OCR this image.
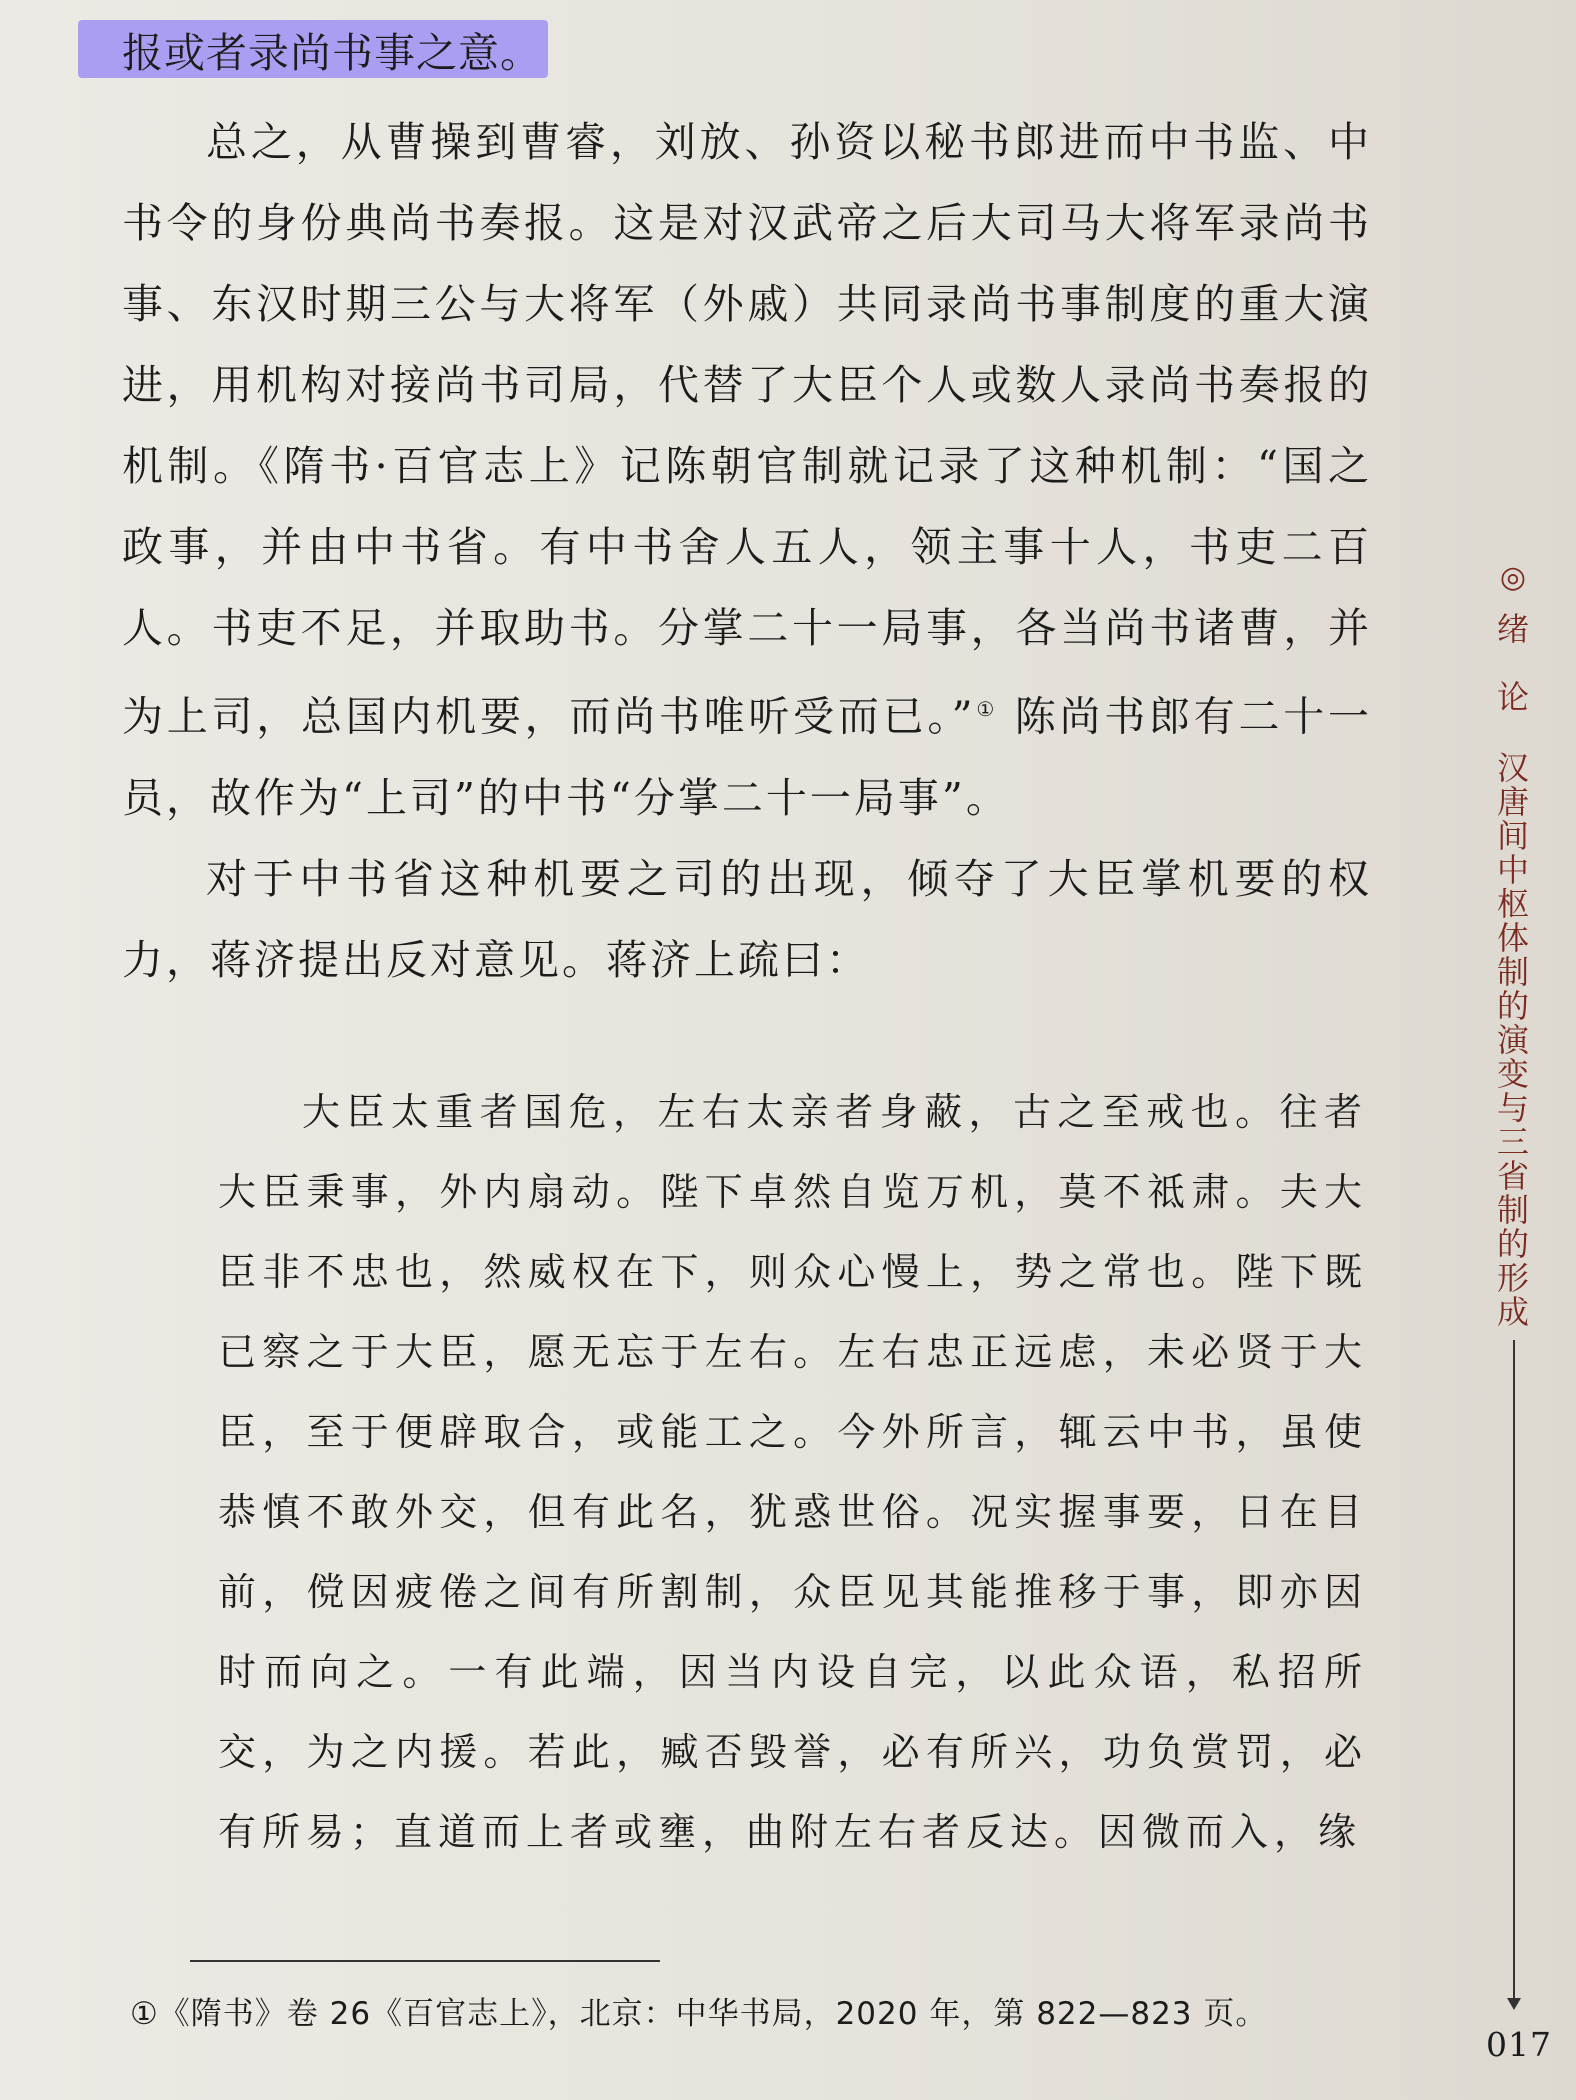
报或者录尚书事之意。

总之，从曹操到曹睿，刘放、孙资以秘书郎进而中书监、中书令的身份典尚书奏报。这是对汉武帝之后大司马大将军录尚书事、东汉时期三公与大将军（外戚）共同录尚书事制度的重大演进，用机构对接尚书司局，代替了大臣个人或数人录尚书奏报的机制。《隋书·百官志上》记陈朝官制就记录了这种机制：“国之政事，并由中书省。有中书舍人五人，领主事十人，书吏二百人。书吏不足，并取助书。分掌二十一局事，各当尚书诸曹，并为上司，总国内机要，而尚书唯听受而已。”① 陈尚书郎有二十一员，故作为“上司”的中书“分掌二十一局事”。

对于中书省这种机要之司的出现，倾夺了大臣掌机要的权力，蒋济提出反对意见。蒋济上疏曰：

大臣太重者国危，左右太亲者身蔽，古之至戒也。往者大臣秉事，外内扇动。陛下卓然自览万机，莫不祗肃。夫大臣非不忠也，然威权在下，则众心慢上，势之常也。陛下既已察之于大臣，愿无忘于左右。左右忠正远虑，未必贤于大臣，至于便辟取合，或能工之。今外所言，辄云中书，虽使恭慎不敢外交，但有此名，犹惑世俗。况实握事要，日在目前，傥因疲倦之间有所割制，众臣见其能推移于事，即亦因时而向之。一有此端，因当内设自完，以此众语，私招所交，为之内援。若此，臧否毁誉，必有所兴，功负赏罚，必有所易；直道而上者或壅，曲附左右者反达。因微而入，缘

①《隋书》卷 26《百官志上》，北京：中华书局，2020 年，第 822—823 页。
◎
绪
论
汉
唐
间
中
枢
体
制
的
演
变
与
三
省
制
的
形
成
017
